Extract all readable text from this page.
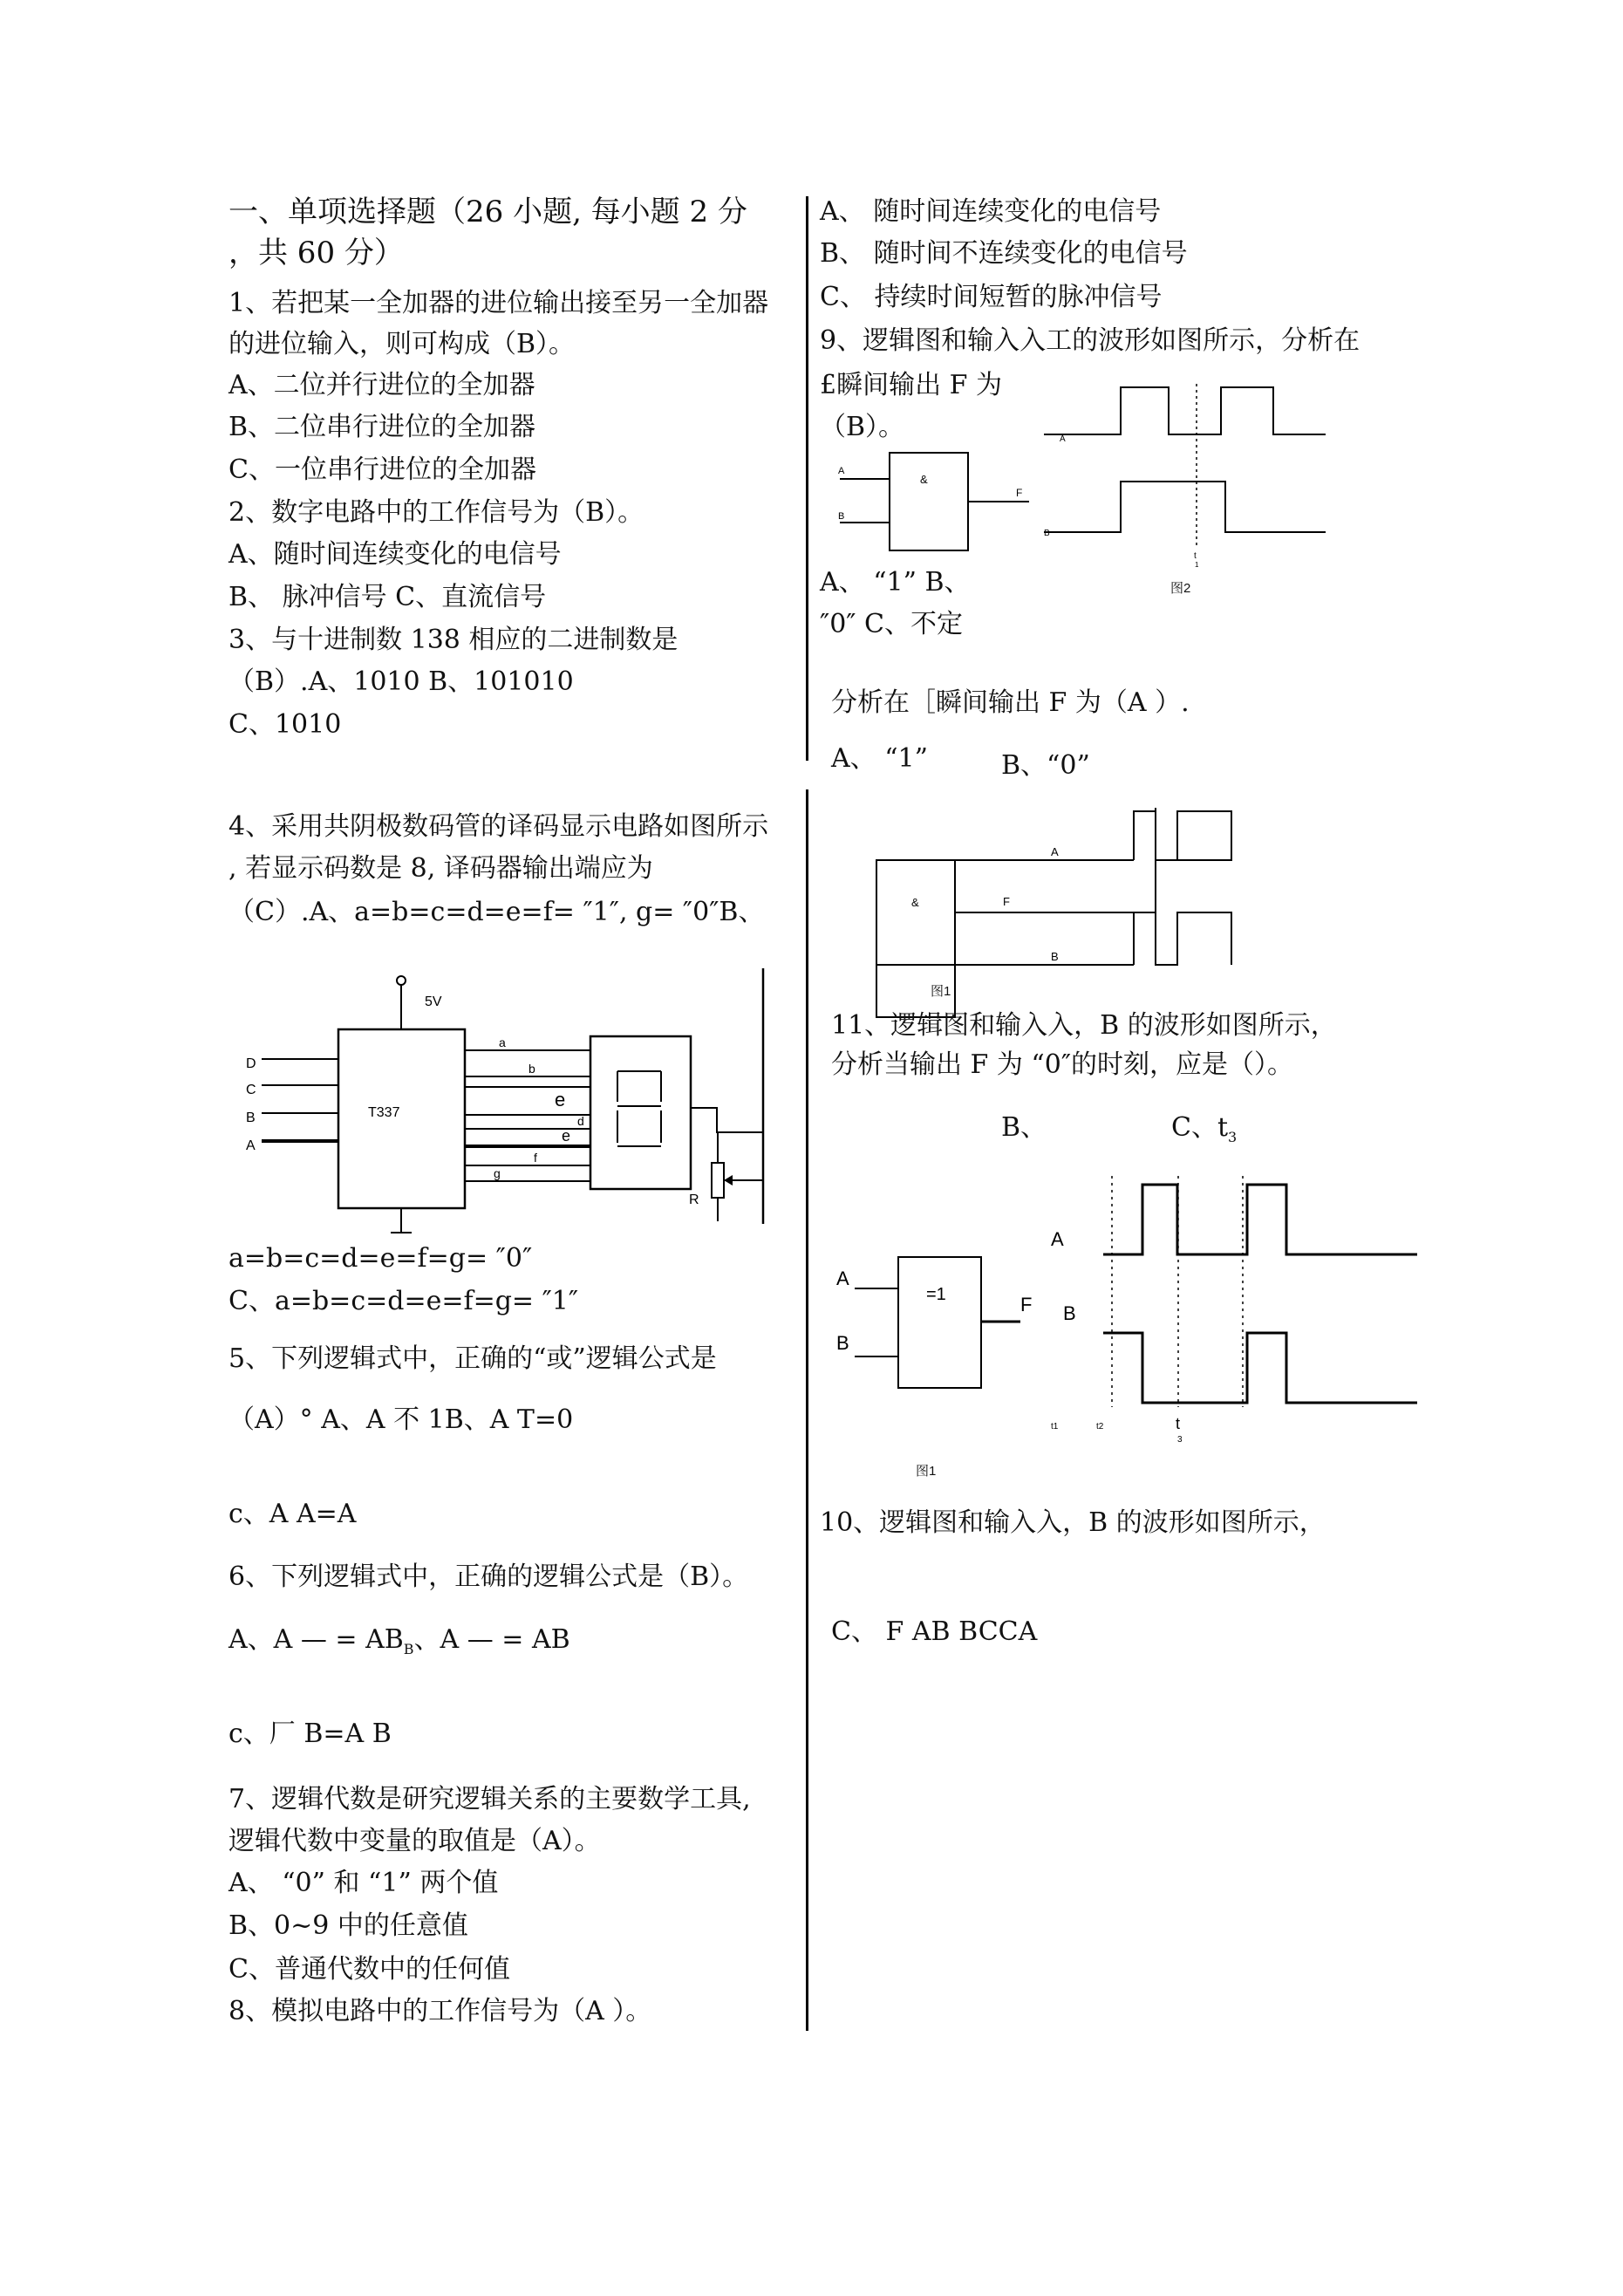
一、单项选择题（26 小题, 每小题 2 分
，共 60 分）
1、若把某一全加器的进位输出接至另一全加器
的进位输入，则可构成（B）。
A、二位并行进位的全加器
B、二位串行进位的全加器
C、一位串行进位的全加器
2、数字电路中的工作信号为（B）。
A、随时间连续变化的电信号
B、 脉冲信号 C、直流信号
3、与十进制数 138 相应的二进制数是
（B）.A、1010 B、101010
C、1010
4、采用共阴极数码管的译码显示电路如图所示
, 若显示码数是 8, 译码器输出端应为
（C）.A、a=b=c=d=e=f= ″1″, g= ″0″B、
5V
T337
D
C
B
A
a
b
e
d
e
f
g
R
a=b=c=d=e=f=g= ″0″
C、a=b=c=d=e=f=g= ″1″
5、下列逻辑式中，正确的“或”逻辑公式是
（A）° A、A 不 1B、A T=0
c、A A=A
6、下列逻辑式中，正确的逻辑公式是（B）。
A、A — = $AB_B$、A — = AB
c、厂 B=A B
7、逻辑代数是研究逻辑关系的主要数学工具,
逻辑代数中变量的取值是（A）。
A、 “0” 和 “1” 两个值
B、0~9 中的任意值
C、普通代数中的任何值
8、模拟电路中的工作信号为（A ）。
A、 随时间连续变化的电信号
B、 随时间不连续变化的电信号
C、 持续时间短暂的脉冲信号
9、逻辑图和输入入工的波形如图所示，分析在
£瞬间输出 F 为
（B）。
&
A
B
F
A
B
t
1
图2
A、 “1” B、
″0″ C、不定
分析在［瞬间输出 F 为（A ）.
A、 “1”	B、“0”
&
A
F
B
图1
11、逻辑图和输入入，B 的波形如图所示，
分析当输出 F 为 “0″的时刻，应是（）。
B、	C、$t_3$
=1
A
B
F
A
B
t1	t2	t
3
图1
10、逻辑图和输入入，B 的波形如图所示，
C、 F AB BCCA
